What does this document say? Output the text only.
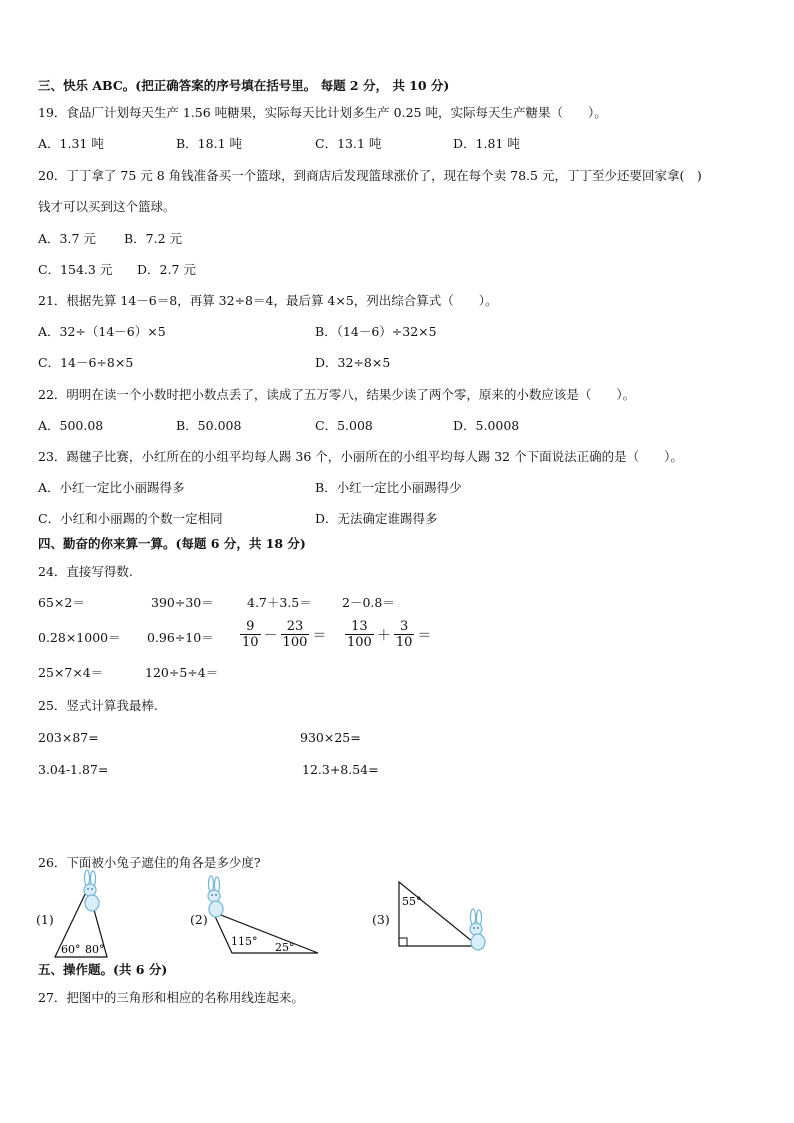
三、快乐 ABC。(把正确答案的序号填在括号里。 每题 2 分， 共 10 分)
19．食品厂计划每天生产 1.56 吨糖果，实际每天比计划多生产 0.25 吨，实际每天生产糖果（　　）。
A．1.31 吨	B．18.1 吨	C．13.1 吨	D．1.81 吨
20．丁丁拿了 75 元 8 角钱准备买一个篮球，到商店后发现篮球涨价了，现在每个卖 78.5 元，丁丁至少还要回家拿(　)
钱才可以买到这个篮球。
A．3.7 元 B．7.2 元
C．154.3 元 D．2.7 元
21．根据先算 14－6＝8，再算 32÷8＝4，最后算 4×5，列出综合算式（　　）。
A．32÷（14－6）×5	B．（14－6）÷32×5
C．14－6÷8×5	D．32÷8×5
22．明明在读一个小数时把小数点丢了，读成了五万零八，结果少读了两个零，原来的小数应该是（　　）。
A．500.08	B．50.008	C．5.008	D．5.0008
23．踢毽子比赛，小红所在的小组平均每人踢 36 个，小丽所在的小组平均每人踢 32 个下面说法正确的是（　　）。
A．小红一定比小丽踢得多	B．小红一定比小丽踢得少
C．小红和小丽踢的个数一定相同	D．无法确定谁踢得多
四、勤奋的你来算一算。(每题 6 分，共 18 分)
24．直接写得数.
65×2＝	390÷30＝	4.7＋3.5＝ 2－0.8＝
$0.28\times 1000= 0.96\div 10= \frac{9}{10} - \frac{23}{100} = \frac{13}{100} + \frac{3}{10}$ ＝
25×7×4＝	120÷5÷4＝
25．竖式计算我最棒.
203×87=	930×25=
3.04-1.87=	12.3+8.54=
26．下面被小兔子遮住的角各是多少度?
(1)	(2)	(3)
60° 80°
115° 25°
55°
五、操作题。(共 6 分)
27．把图中的三角形和相应的名称用线连起来。
